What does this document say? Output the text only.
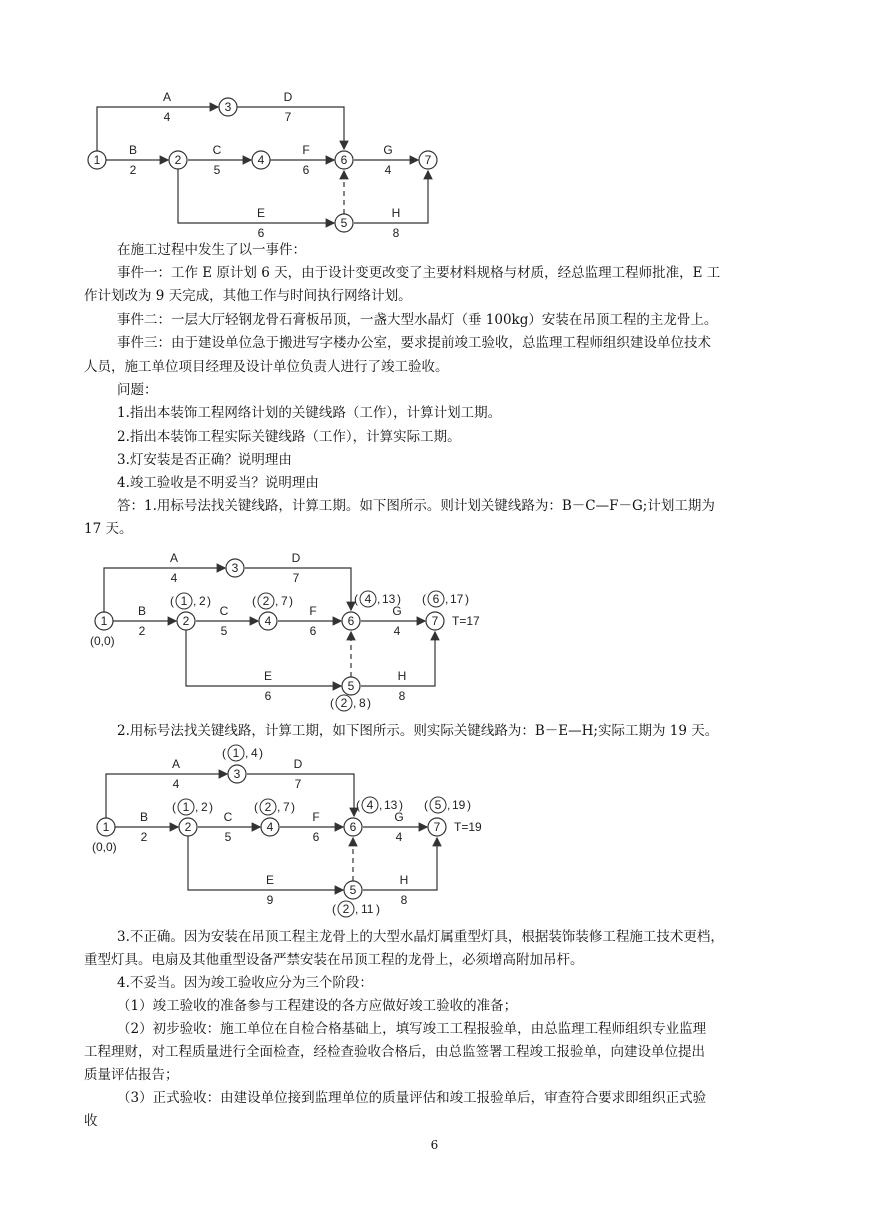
A
4
D
7
B
2
C
5
F
6
G
4
E
6
H
8
1	2
3
4
5
6	7
在施工过程中发生了以一事件：
事件一：工作 E 原计划 6 天，由于设计变更改变了主要材料规格与材质，经总监理工程师批准，E 工
作计划改为 9 天完成，其他工作与时间执行网络计划。
事件二：一层大厅轻钢龙骨石膏板吊顶，一盏大型水晶灯（垂 100kg）安装在吊顶工程的主龙骨上。
事件三：由于建设单位急于搬进写字楼办公室，要求提前竣工验收，总监理工程师组织建设单位技术
人员，施工单位项目经理及设计单位负责人进行了竣工验收。
问题：
1.指出本装饰工程网络计划的关键线路（工作），计算计划工期。
2.指出本装饰工程实际关键线路（工作），计算实际工期。
3.灯安装是否正确？说明理由
4.竣工验收是不明妥当？说明理由
答：1.用标号法找关键线路，计算工期。如下图所示。则计划关键线路为：B－C—F－G;计划工期为
17 天。
A
4
D
7
B
2
C
5
F
6
G
4
E
6
H
8
1	2
3
4
5
6	7
(0,0)
( 1 , 2 )	( 2 , 7 )	( 4 , 13 ) ( 6 , 17 )
T=17
( 2 , 8 )
2.用标号法找关键线路，计算工期，如下图所示。则实际关键线路为：B－E—H;实际工期为 19 天。
A
4
D
7
B
2
C
5
F
6
G
4
E
9
H
8
1	2
3
4
5
6	7
(0,0)
( 1 , 4 )
( 1 , 2 )	( 2 , 7 )	( 4 , 13 ) ( 5 , 19 )
T=19
( 2 , 11 )
3.不正确。因为安装在吊顶工程主龙骨上的大型水晶灯属重型灯具，根据装饰装修工程施工技术更档，
重型灯具。电扇及其他重型设备严禁安装在吊顶工程的龙骨上，必须增高附加吊杆。
4.不妥当。因为竣工验收应分为三个阶段：
（1）竣工验收的准备参与工程建设的各方应做好竣工验收的准备；
（2）初步验收：施工单位在自检合格基础上，填写竣工工程报验单，由总监理工程师组织专业监理
工程理财，对工程质量进行全面检查，经检查验收合格后，由总监签署工程竣工报验单，向建设单位提出
质量评估报告；
（3）正式验收：由建设单位接到监理单位的质量评估和竣工报验单后，审查符合要求即组织正式验
收
6
